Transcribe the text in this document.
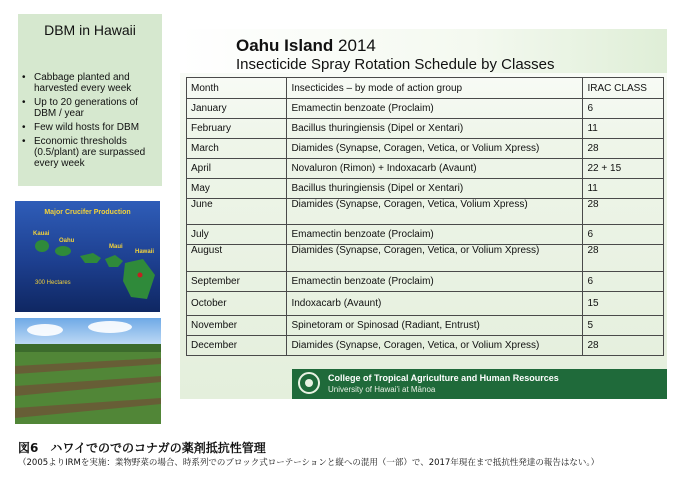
DBM in Hawaii
• Cabbage planted and harvested every week
• Up to 20 generations of DBM / year
• Few wild hosts for DBM
• Economic thresholds (0.5/plant) are surpassed every week
Major Crucifer Production
Kauai
Oahu
Maui
Hawaii
300 Hectares
Oahu Island 2014
Insecticide Spray Rotation Schedule by Classes
Month	Insecticides – by mode of action group	IRAC CLASS
January	Emamectin benzoate (Proclaim)	6
February	Bacillus thuringiensis (Dipel or Xentari)	11
March	Diamides (Synapse, Coragen, Vetica, or Volium Xpress)	28
April	Novaluron (Rimon) + Indoxacarb (Avaunt)	22 + 15
May	Bacillus thuringiensis (Dipel or Xentari)	11
June	Diamides (Synapse, Coragen, Vetica, Volium Xpress)	28
July	Emamectin benzoate (Proclaim)	6
August	Diamides (Synapse, Coragen, Vetica, or Volium Xpress)	28
September	Emamectin benzoate (Proclaim)	6
October	Indoxacarb (Avaunt)	15
November	Spinetoram or Spinosad (Radiant, Entrust)	5
December	Diamides (Synapse, Coragen, Vetica, or Volium Xpress)	28
College of Tropical Agriculture and Human Resources
University of Hawai'i at Mānoa
図6　ハワイでのでのコナガの薬剤抵抗性管理
（2005よりIRMを実施：業物野菜の場合、時系列でのブロック式ローテーションと縦への混用（一部）で、2017年現在まで抵抗性発達の報告はない。）
